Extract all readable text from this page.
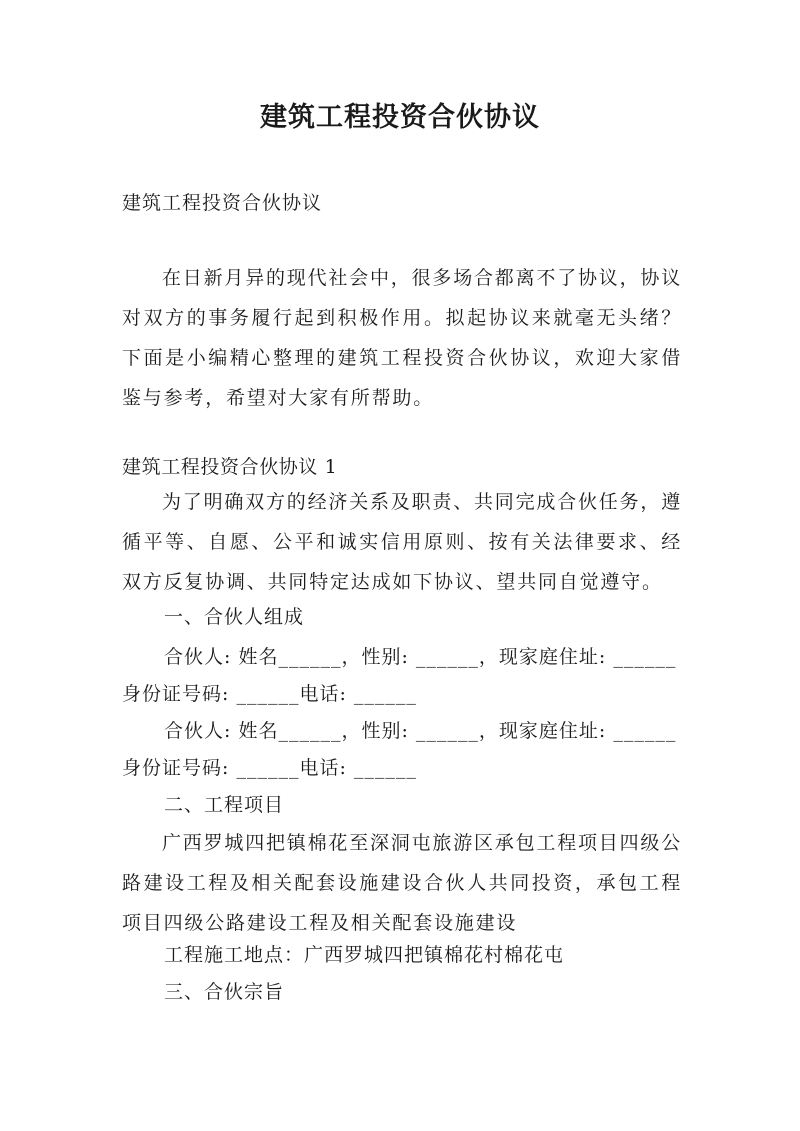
建筑工程投资合伙协议
建筑工程投资合伙协议

在日新月异的现代社会中，很多场合都离不了协议，协议对双方的事务履行起到积极作用。拟起协议来就毫无头绪？下面是小编精心整理的建筑工程投资合伙协议，欢迎大家借鉴与参考，希望对大家有所帮助。

建筑工程投资合伙协议 1

为了明确双方的经济关系及职责、共同完成合伙任务，遵循平等、自愿、公平和诚实信用原则、按有关法律要求、经双方反复协调、共同特定达成如下协议、望共同自觉遵守。

一、合伙人组成
合伙人: 姓名______，性别: ______，现家庭住址: ______
身份证号码: ______电话: ______
合伙人: 姓名______，性别: ______，现家庭住址: ______
身份证号码: ______电话: ______
二、工程项目

广西罗城四把镇棉花至深洞屯旅游区承包工程项目四级公路建设工程及相关配套设施建设合伙人共同投资，承包工程项目四级公路建设工程及相关配套设施建设

工程施工地点：广西罗城四把镇棉花村棉花屯
三、合伙宗旨
